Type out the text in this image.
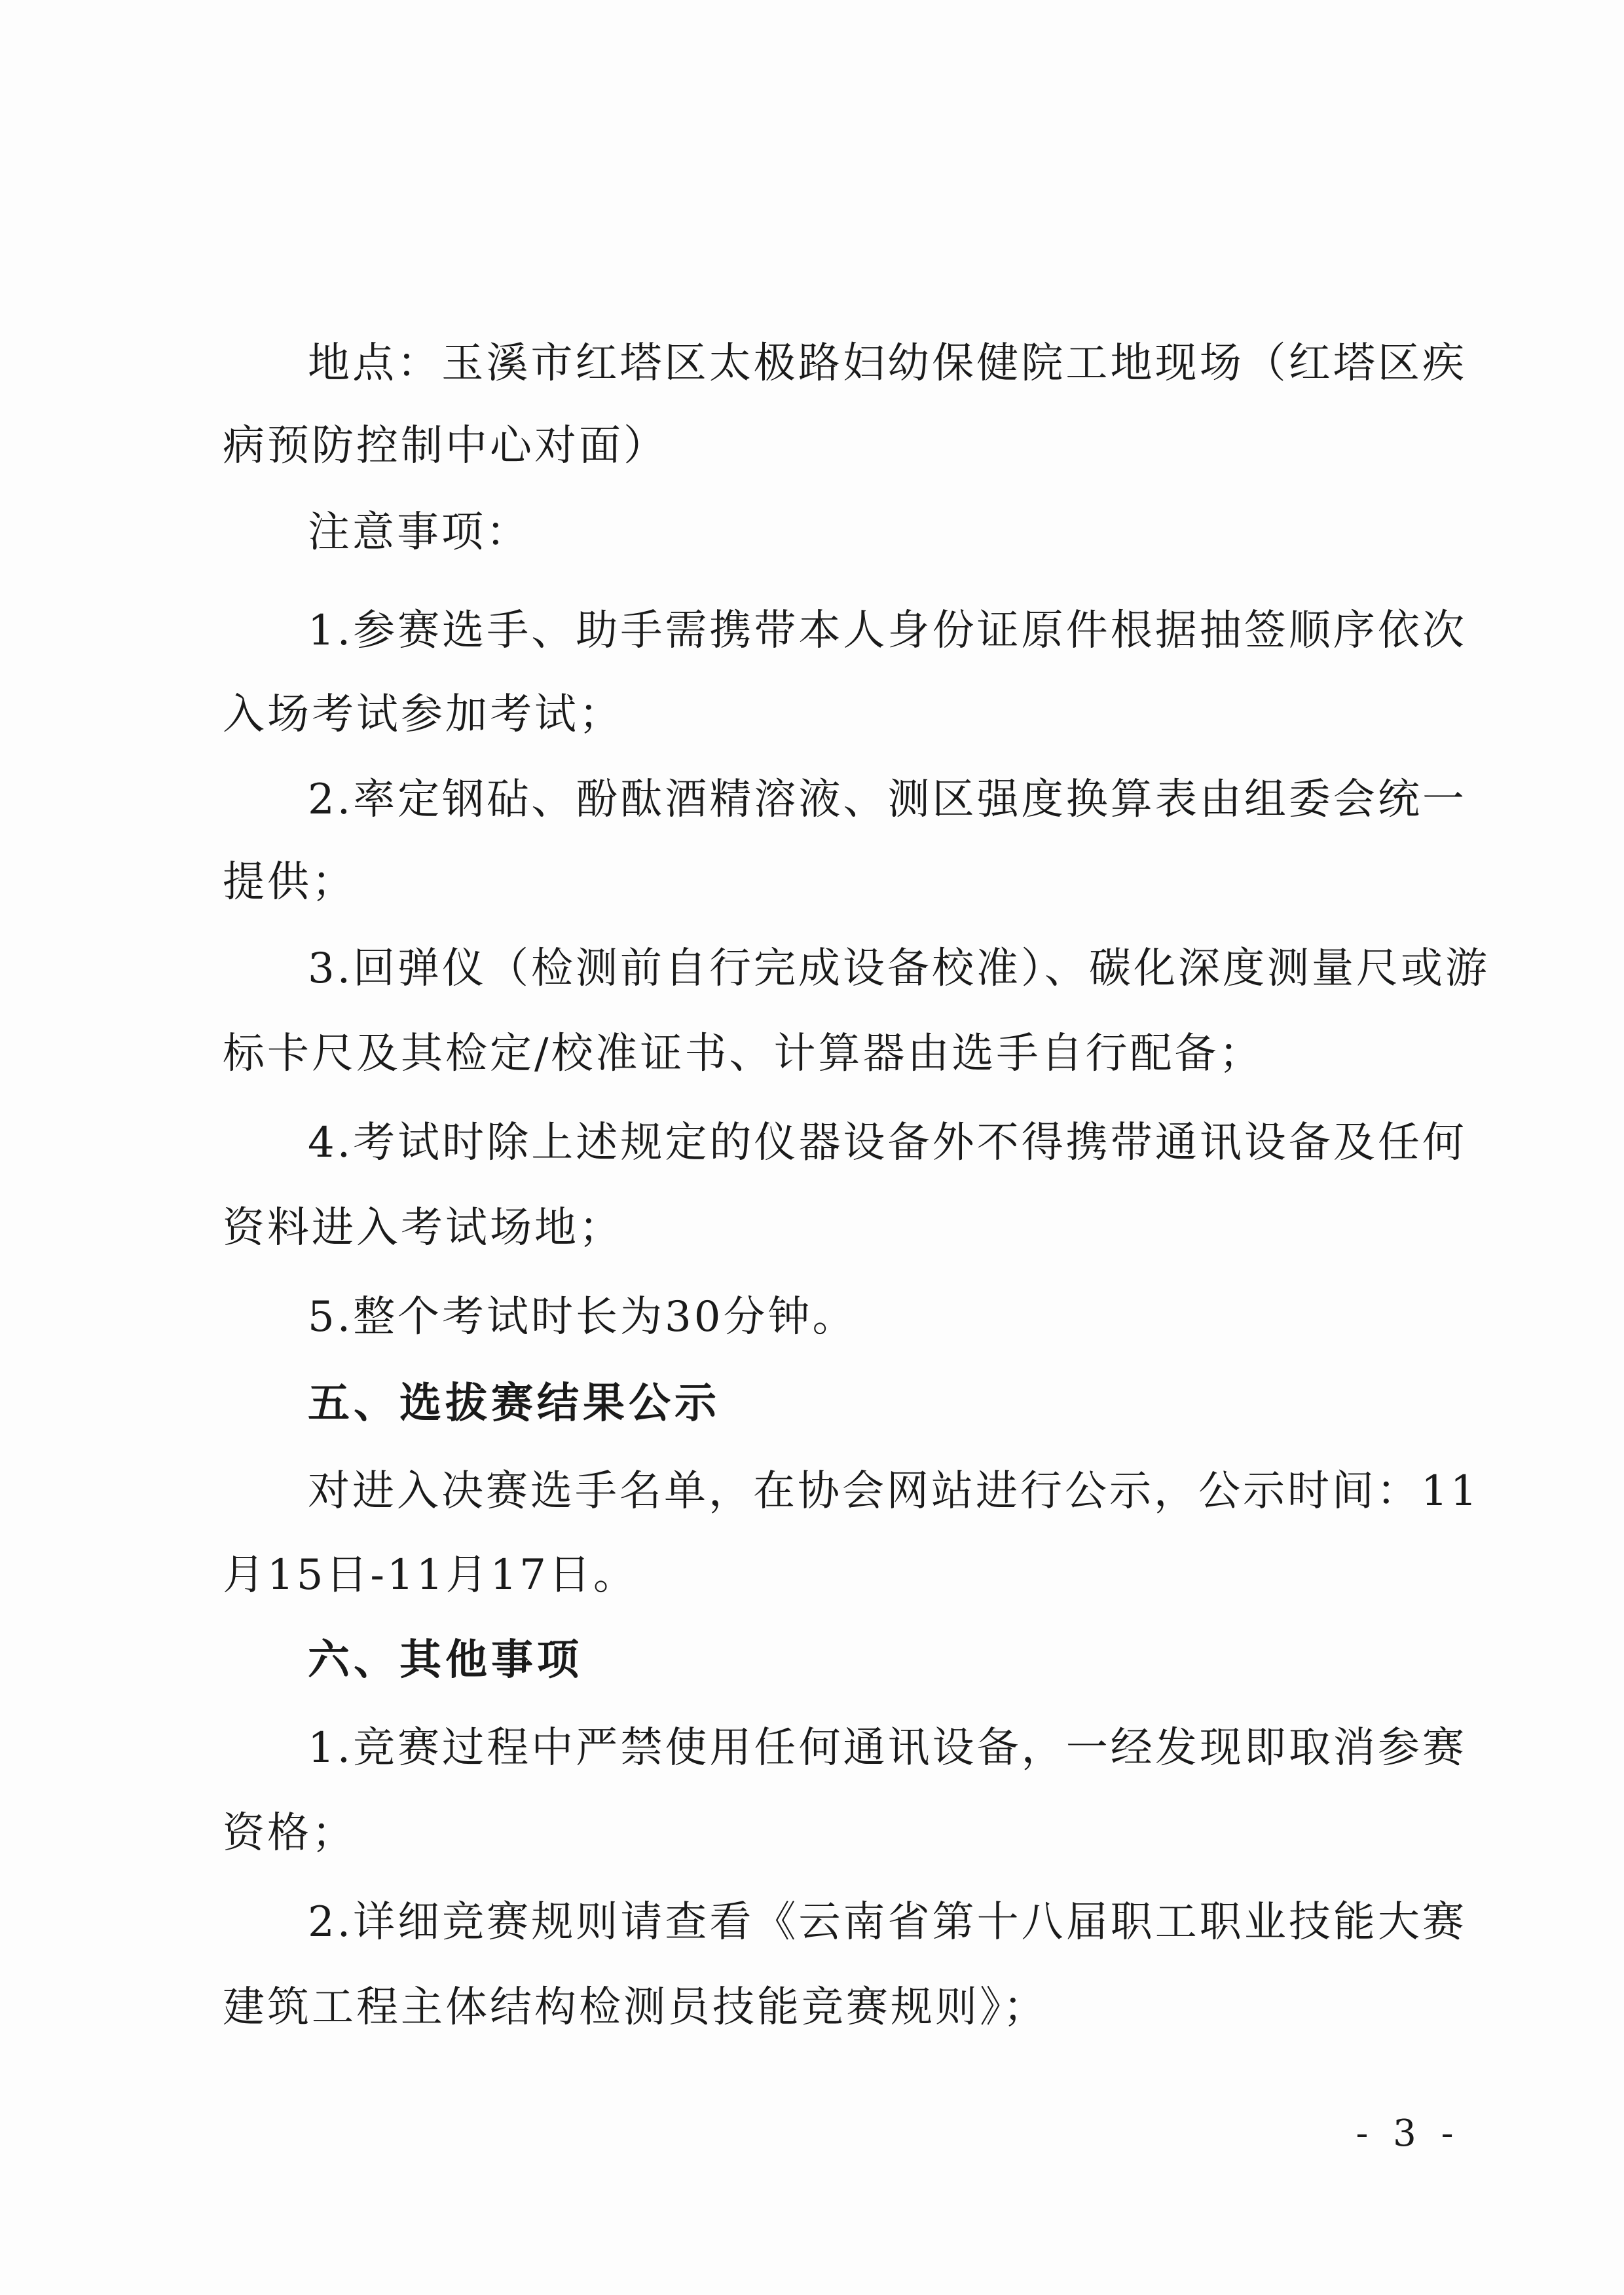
地点：玉溪市红塔区太极路妇幼保健院工地现场（红塔区疾
病预防控制中心对面）
注意事项：
1.参赛选手、助手需携带本人身份证原件根据抽签顺序依次
入场考试参加考试；
2.率定钢砧、酚酞酒精溶液、测区强度换算表由组委会统一
提供；
3.回弹仪（检测前自行完成设备校准）、碳化深度测量尺或游
标卡尺及其检定/校准证书、计算器由选手自行配备；
4.考试时除上述规定的仪器设备外不得携带通讯设备及任何
资料进入考试场地；
5.整个考试时长为30分钟。
五、选拔赛结果公示
对进入决赛选手名单，在协会网站进行公示，公示时间：11
月15日-11月17日。
六、其他事项
1.竞赛过程中严禁使用任何通讯设备，一经发现即取消参赛
资格；
2.详细竞赛规则请查看《云南省第十八届职工职业技能大赛
建筑工程主体结构检测员技能竞赛规则》；
- 3 -
